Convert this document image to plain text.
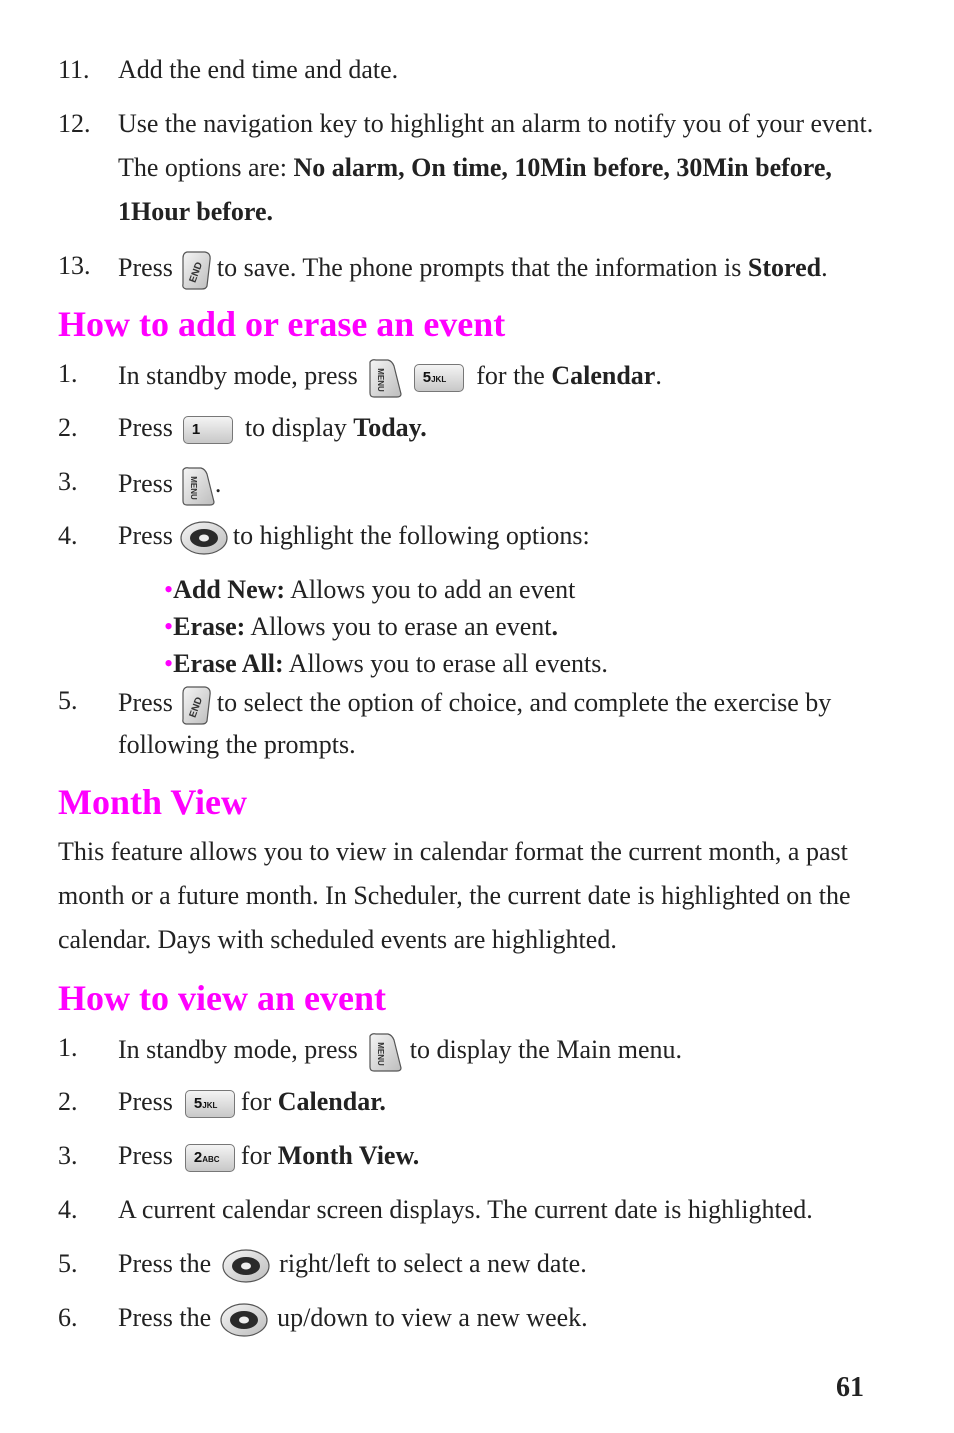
11. Add the end time and date.
12. Use the navigation key to highlight an alarm to notify you of your event.
The options are: No alarm, On time, 10Min before, 30Min before,
1Hour before.
13. Press to save. The phone prompts that the information is Stored.
How to add or erase an event
1. In standby mode, press	5JKL	for the Calendar.
2. Press	1	to display Today.
3. Press .
4. Press to highlight the following options:
•Add New: Allows you to add an event
•Erase: Allows you to erase an event.
•Erase All: Allows you to erase all events.
5. Press to select the option of choice, and complete the exercise by
following the prompts.
Month View
This feature allows you to view in calendar format the current month, a past month or a future month. In Scheduler, the current date is highlighted on the calendar. Days with scheduled events are highlighted.
How to view an event
1. In standby mode, press to display the Main menu.
2. Press	5JKL for Calendar.
3. Press	2ABC for Month View.
4. A current calendar screen displays. The current date is highlighted.
5. Press the	right/left to select a new date.
6. Press the	up/down to view a new week.
61
